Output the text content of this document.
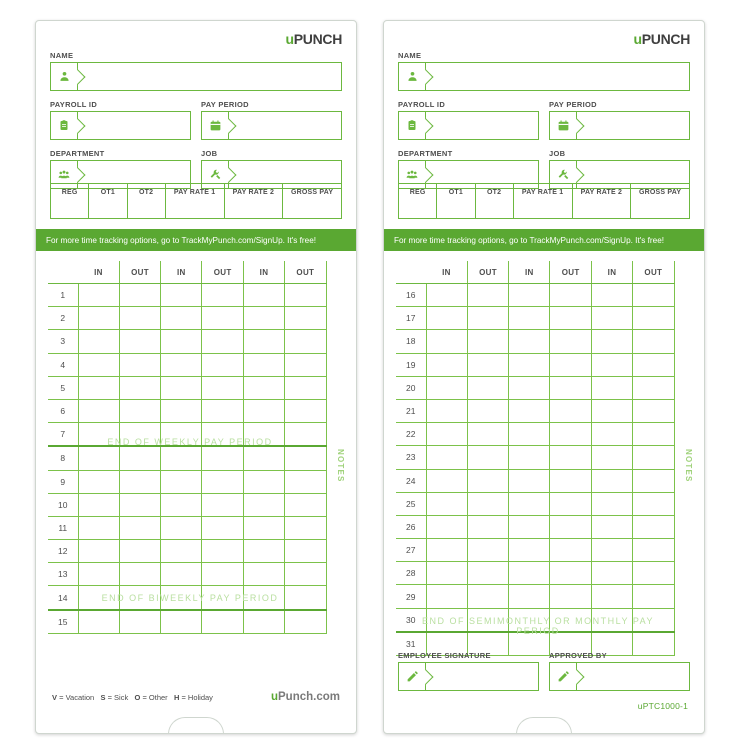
uPUNCH
NAME
PAYROLL ID	PAY PERIOD
DEPARTMENT	JOB
REG	OT1	OT2	PAY RATE 1	PAY RATE 2	GROSS PAY
For more time tracking options, go to TrackMyPunch.com/SignUp. It's free!
	IN	OUT	IN	OUT	IN	OUT	
1							
2							
3							
4							
5							
6							
7							
8							
9							
10							
11							
12							
13							
14							
15							
END OF WEEKLY PAY PERIOD
END OF BIWEEKLY PAY PERIOD
NOTES
V = Vacation S = Sick O = Other H = Holiday	uPunch.com
uPUNCH
NAME
PAYROLL ID	PAY PERIOD
DEPARTMENT	JOB
REG	OT1	OT2	PAY RATE 1	PAY RATE 2	GROSS PAY
For more time tracking options, go to TrackMyPunch.com/SignUp. It's free!
	IN	OUT	IN	OUT	IN	OUT	
16							
17							
18							
19							
20							
21							
22							
23							
24							
25							
26							
27							
28							
29							
30							
31							
END OF SEMIMONTHLY OR MONTHLY PAY PERIOD
NOTES
EMPLOYEE SIGNATURE	APPROVED BY
uPTC1000-1
